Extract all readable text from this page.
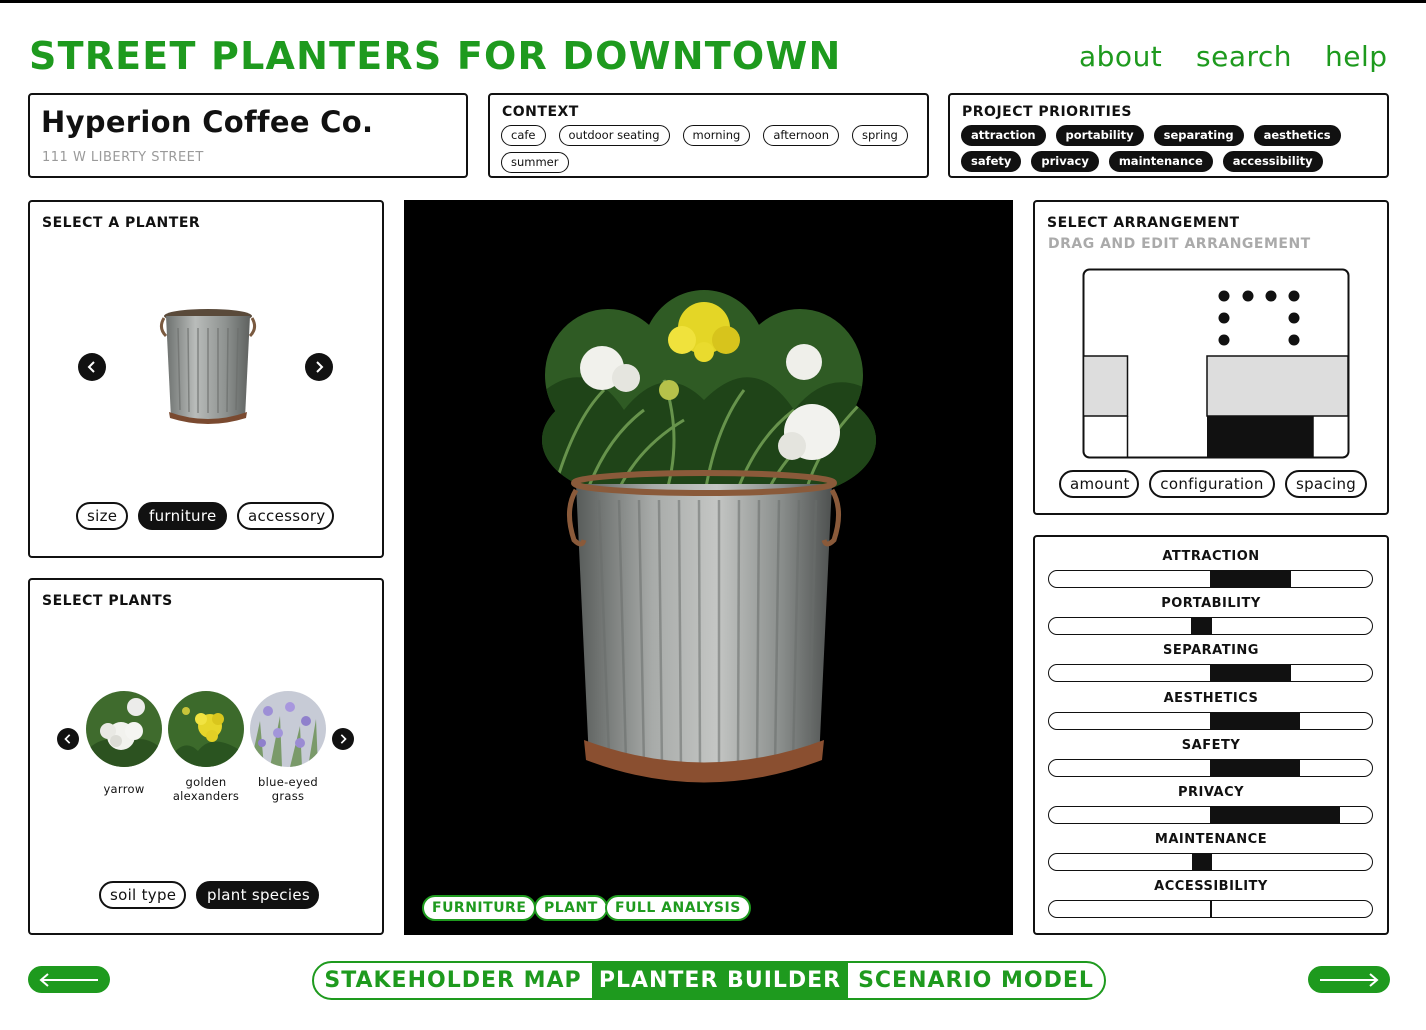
STREET PLANTERS FOR DOWNTOWN	about search help
Hyperion Coffee Co.
111 W LIBERTY STREET
CONTEXT
cafe	outdoor seating	morning	afternoon	spring
summer
PROJECT PRIORITIES
attraction	portability	separating	aesthetics
safety	privacy	maintenance	accessibility
SELECT A PLANTER
size	furniture	accessory
SELECT PLANTS
yarrow	golden
alexanders
blue-eyed
grass
soil type	plant species
FURNITURE	PLANT	FULL ANALYSIS
SELECT ARRANGEMENT
DRAG AND EDIT ARRANGEMENT
amount	configuration	spacing
ATTRACTION
PORTABILITY
SEPARATING
AESTHETICS
SAFETY
PRIVACY
MAINTENANCE
ACCESSIBILITY
STAKEHOLDER MAP PLANTER BUILDER SCENARIO MODEL
